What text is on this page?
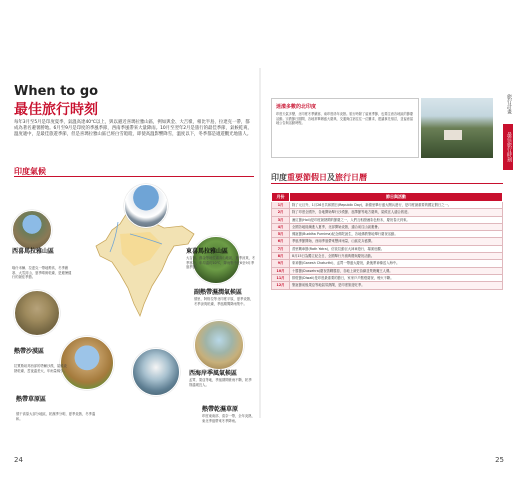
When to go
最佳旅行時刻
每年3月至5月是印度夏季，氣溫高達40℃以上，與以避近喜瑪拉雅山區，例如與金、大吉嶺，相比半島，拉達克一帶，都成為著名避暑勝地。6月至9月是印度的季風季節，西南季風帶來大量降雨。10月至翌年2月是旅行的最佳季節，氣候乾爽、溫度適中，是最佳旅遊季節，但是喜瑪拉雅山區已經白雪皚皚，即使高溫影響降雪，溫度以下，冬季都是適遊觀光地旅人。
印度氣候
東喜馬拉雅山區
大吉嶺、錫金等地位處高山地區，夏季涼爽，冬季寒冷，年均溫約10℃，降雨集中在6至9月季風季節。
西喜馬拉雅山區
喀什米爾、拉達克一帶地勢高，冬季嚴寒、大雪封山，夏季晴朗乾燥，是避暑健行的最佳季節。
副熱帶濕潤氣候區
德里、阿格拉等北印度平原，夏季炎熱，冬季涼爽乾燥，季風期間降雨集中。
熱帶沙漠區
拉賈斯坦邦西部的塔爾沙漠，氣候炎熱乾燥，晝夜溫差大，年雨量稀少。	西海岸季風氣候區
孟買、果亞等地，季風期間豪雨不斷，乾季則溫暖宜人。
熱帶草原區
德干高原大部分地區，乾濕季分明，夏季炎熱，冬季溫和。
熱帶乾濕草原
印度東南部、清奈一帶，全年炎熱，東北季風帶來冬季降雨。
24
迷漾多數的北印度
印度天氣多變，北印度冬季嚴寒，南印度終年炎熱。旅行時除了留意季節，也要注意各地區的節慶活動。宗教節日期間，各地常舉辦盛大慶典，交通與住宿往往一位難求，建議事先預訂，並留意當地公告與活動時程。
旅行計畫
最佳旅行時刻
印度重要節假日及旅行日曆
月份	節日與活動
1月	除了元旦外，1月26日共和國日(Republic Day)，新德里舉行盛大閱兵遊行，是印度最重要的國定假日之一。
2月	除了印度全國外，各地開始舉行沙漠節、風箏節等地方慶典，氣候宜人適合旅遊。
3月	灑紅節(Holi)是印度最熱鬧的節慶之一，人們互相潑灑彩色粉末，慶祝春天到來。
4月	全國各地陸續進入夏季，北部開始炎熱，適合前往山區避暑。
5月	佛誕節(Buddha Purnima)紀念佛陀誕生，各地佛教聖地舉行慶祝活動。
6月	季風季節開始，西南季風帶來豐沛雨量，山區花卉盛開。
7月	普里戰車節(Rath Yatra)，信徒拉動巨大神車遊行，場面壯觀。
8月	8月15日為獨立紀念日，全國舉行升旗典禮與慶祝活動。
9月	象神節(Ganesh Chaturthi)，孟買一帶盛大慶祝，最後將神像送入海中。
10月	十勝節(Dussehra)慶祝善戰勝惡，各地上演史詩劇並焚燒魔王人偶。
11月	排燈節(Diwali)是印度最重要的節日，家家戶戶點燈慶祝，煙火不斷。
12月	聖誕節前後果亞等地氣氛熱鬧，是印度旅遊旺季。
25
